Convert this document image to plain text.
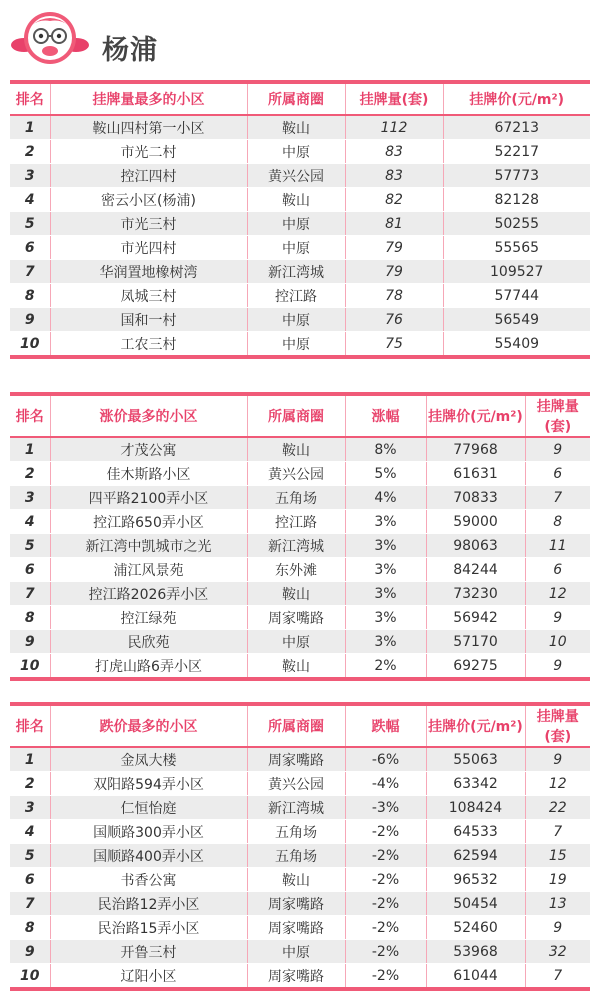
杨浦
排名	挂牌量最多的小区	所属商圈	挂牌量(套)	挂牌价(元/m²)
1	鞍山四村第一小区	鞍山	112	67213
2	市光二村	中原	83	52217
3	控江四村	黄兴公园	83	57773
4	密云小区(杨浦)	鞍山	82	82128
5	市光三村	中原	81	50255
6	市光四村	中原	79	55565
7	华润置地橡树湾	新江湾城	79	109527
8	凤城三村	控江路	78	57744
9	国和一村	中原	76	56549
10	工农三村	中原	75	55409
排名	涨价最多的小区	所属商圈	涨幅	挂牌价(元/m²)	挂牌量(套)
1	才茂公寓	鞍山	8%	77968	9
2	佳木斯路小区	黄兴公园	5%	61631	6
3	四平路2100弄小区	五角场	4%	70833	7
4	控江路650弄小区	控江路	3%	59000	8
5	新江湾中凯城市之光	新江湾城	3%	98063	11
6	浦江风景苑	东外滩	3%	84244	6
7	控江路2026弄小区	鞍山	3%	73230	12
8	控江绿苑	周家嘴路	3%	56942	9
9	民欣苑	中原	3%	57170	10
10	打虎山路6弄小区	鞍山	2%	69275	9
排名	跌价最多的小区	所属商圈	跌幅	挂牌价(元/m²)	挂牌量(套)
1	金凤大楼	周家嘴路	-6%	55063	9
2	双阳路594弄小区	黄兴公园	-4%	63342	12
3	仁恒怡庭	新江湾城	-3%	108424	22
4	国顺路300弄小区	五角场	-2%	64533	7
5	国顺路400弄小区	五角场	-2%	62594	15
6	书香公寓	鞍山	-2%	96532	19
7	民治路12弄小区	周家嘴路	-2%	50454	13
8	民治路15弄小区	周家嘴路	-2%	52460	9
9	开鲁三村	中原	-2%	53968	32
10	辽阳小区	周家嘴路	-2%	61044	7
